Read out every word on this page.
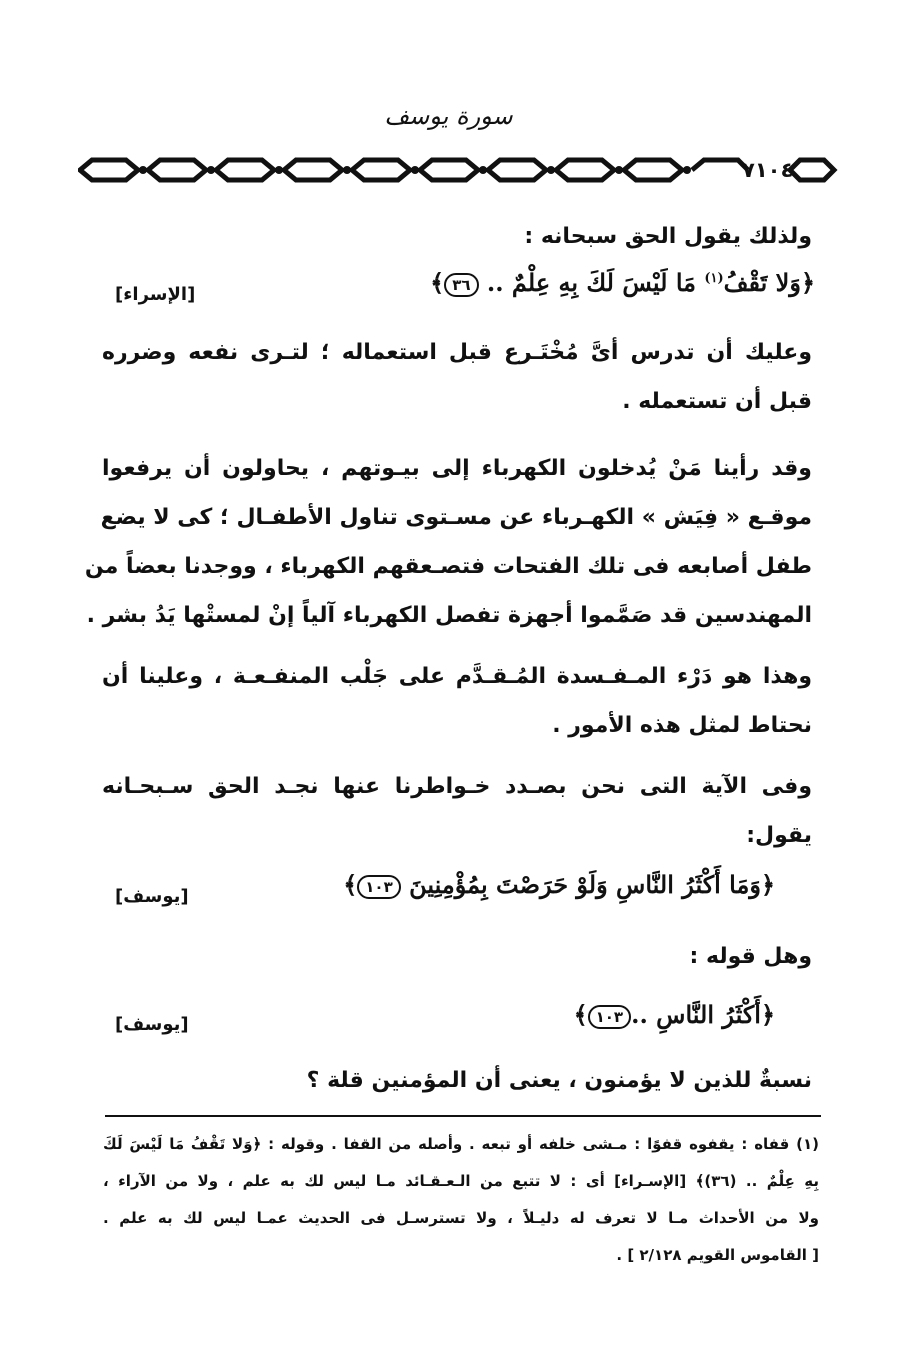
سورة يوسف
٧١٠٤
ولذلك يقول الحق سبحانه :
﴿وَلا تَقْفُ$^{(١)}$ مَا لَيْسَ لَكَ بِهِ عِلْمٌ .. ٣٦﴾
[الإسراء]
وعليك أن تدرس أىَّ مُخْتَـرع قبل استعماله ؛ لتـرى نفعه وضرره
قبل أن تستعمله .
وقد رأينا مَنْ يُدخلون الكهرباء إلى بيـوتهم ، يحاولون أن يرفعوا
موقـع « فِيَش » الكهـرباء عن مسـتوى تناول الأطفـال ؛ كى لا يضع
طفل أصابعه فى تلك الفتحات فتصـعقهم الكهرباء ، ووجدنا بعضاً من
المهندسين قد صَمَّموا أجهزة تفصل الكهرباء آلياً إنْ لمستْها يَدُ بشر .
وهذا هو دَرْء المـفـسدة المُـقـدَّم على جَلْب المنفـعـة ، وعلينا أن
نحتاط لمثل هذه الأمور .
وفى الآية التى نحن بصـدد خـواطرنا عنها نجـد الحق سـبحـانه
يقول:
﴿وَمَا أَكْثَرُ النَّاسِ وَلَوْ حَرَصْتَ بِمُؤْمِنِينَ ١٠٣﴾
[يوسف]
وهل قوله :
﴿أَكْثَرُ النَّاسِ ..١٠٣﴾
[يوسف]
نسبةٌ للذين لا يؤمنون ، يعنى أن المؤمنين قلة ؟
(١) قفاه : يقفوه قفوًا : مـشى خلفه أو تبعه . وأصله من القفا . وقوله : ﴿وَلا تَقْفُ مَا لَيْسَ لَكَ
بِهِ عِلْمٌ .. (٣٦)﴾ [الإسـراء] أى : لا تتبع من الـعـقـائد مـا ليس لك به علم ، ولا من الآراء ،
ولا من الأحداث مـا لا تعرف له دليـلاً ، ولا تسترسـل فى الحديث عمـا ليس لك به علم .
[ القاموس القويم ٢/١٢٨ ] .
